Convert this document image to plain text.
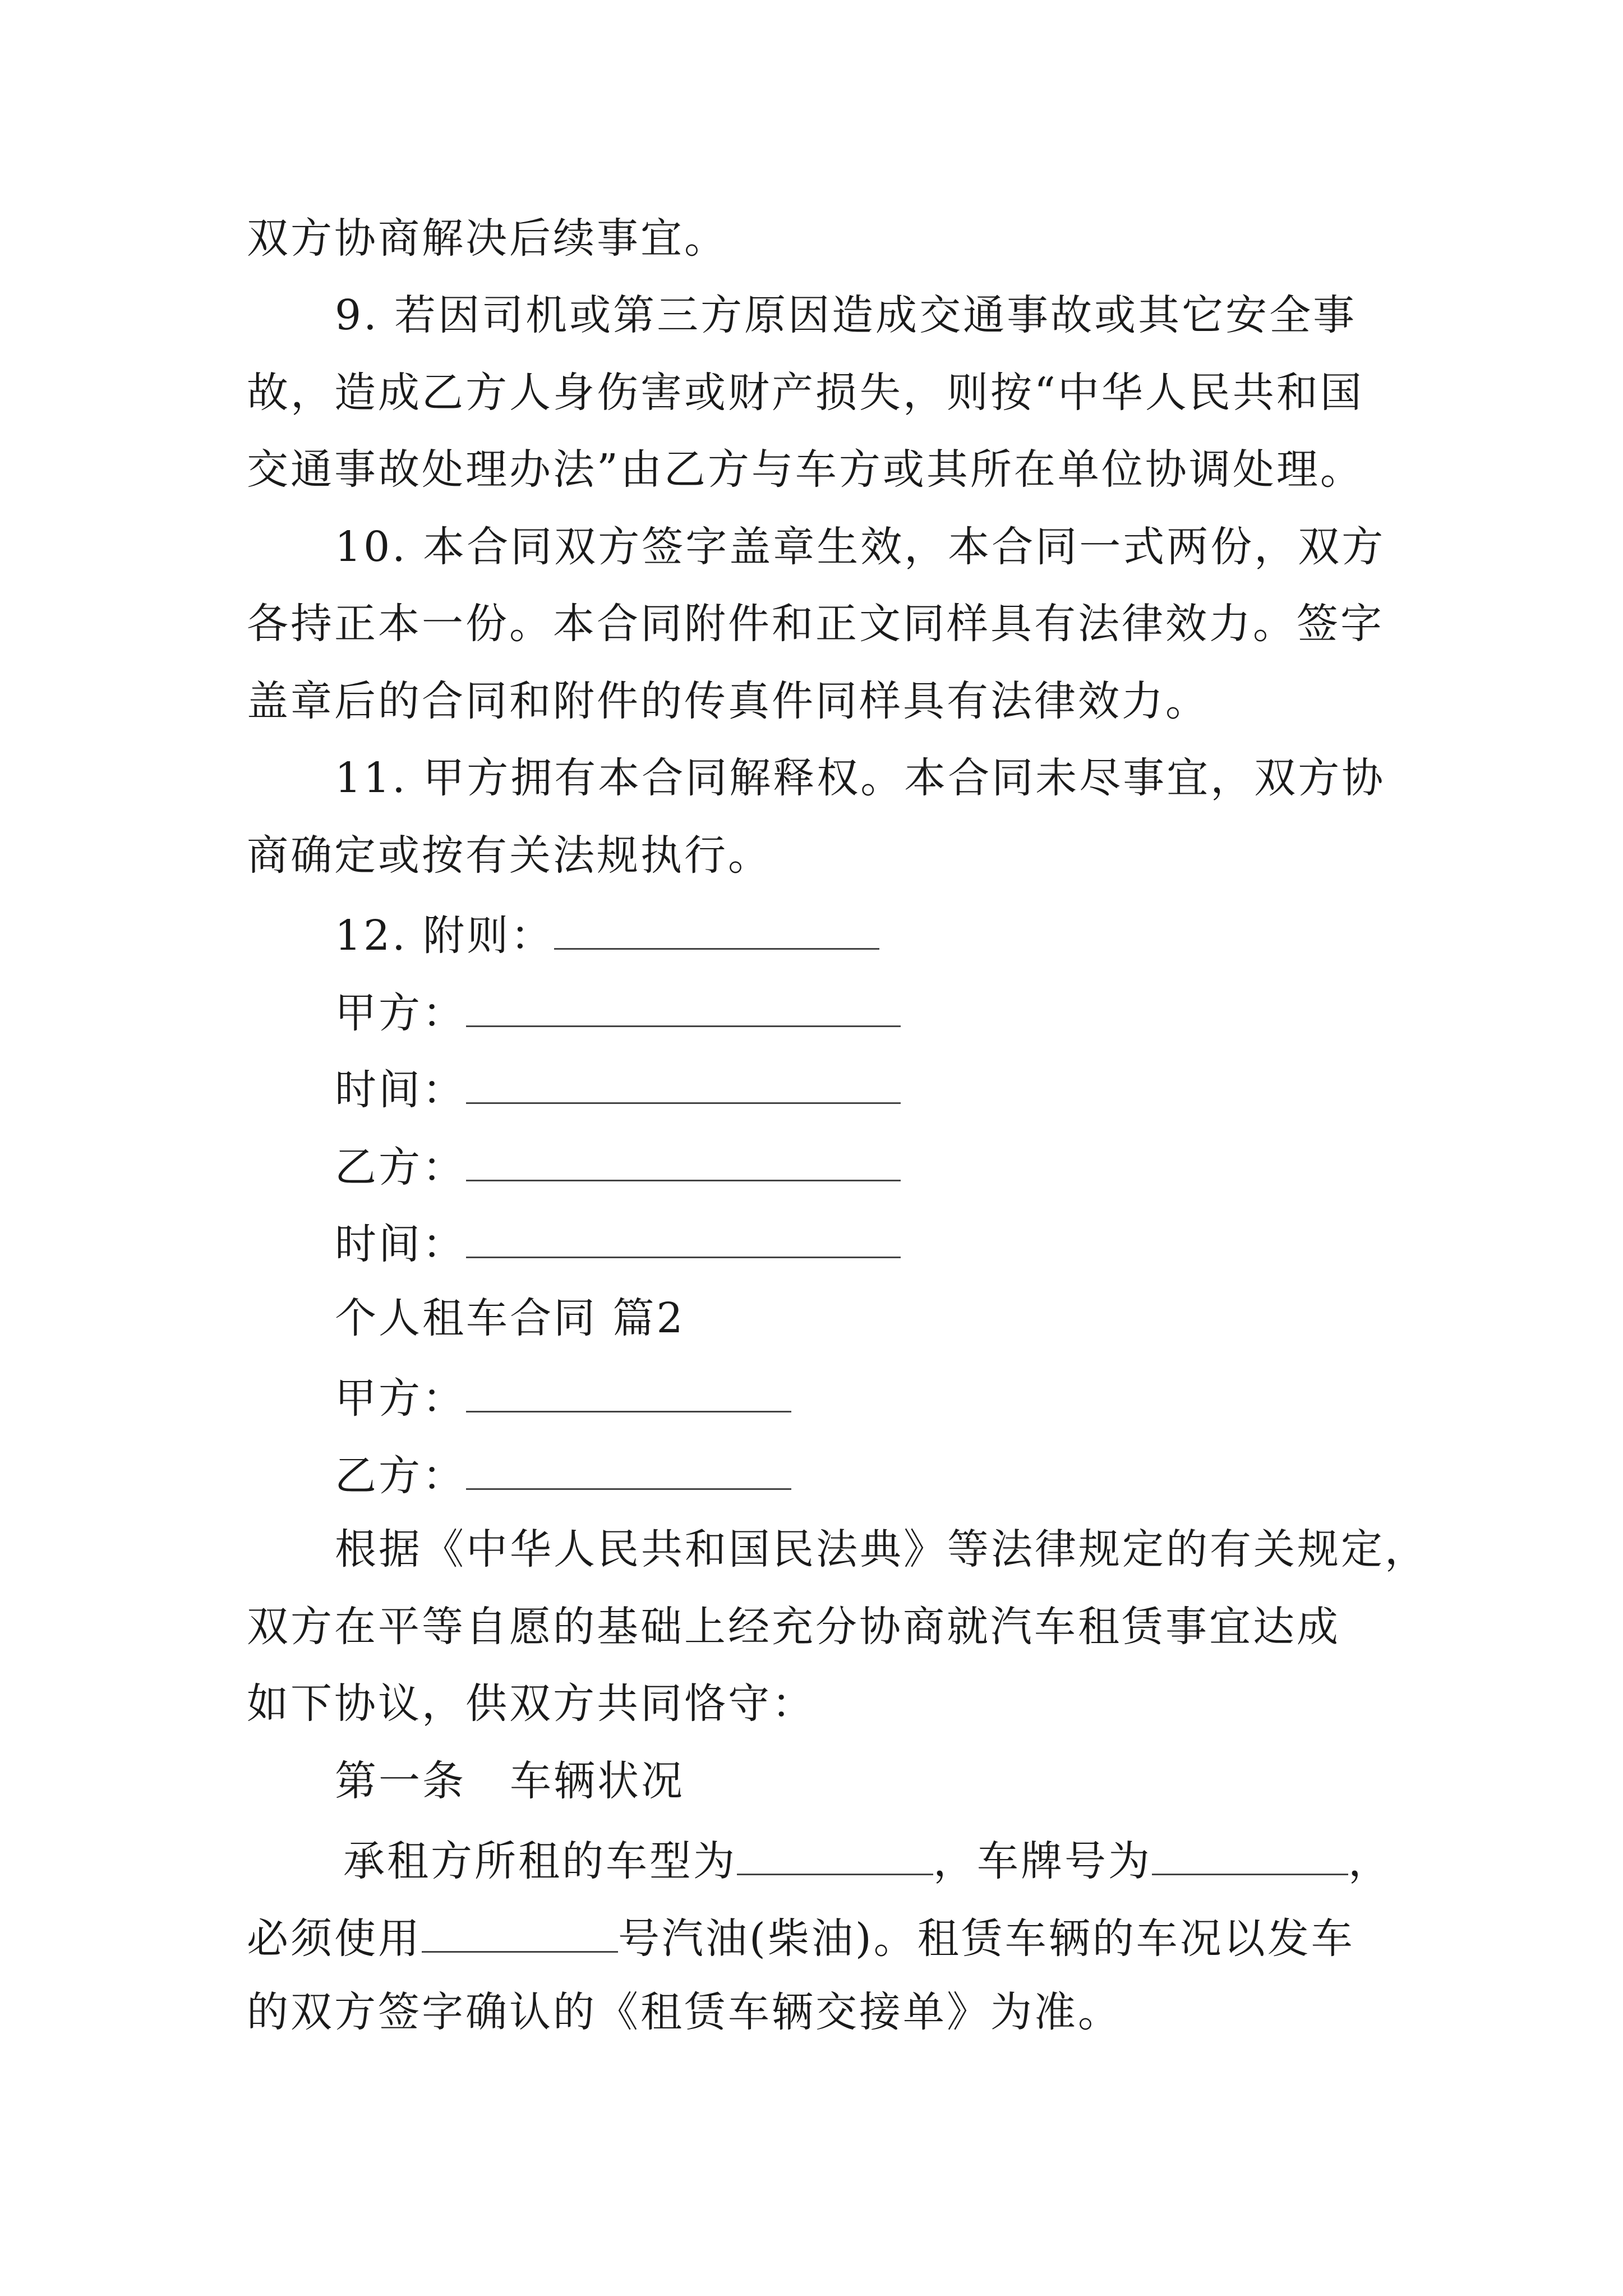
双方协商解决后续事宜。
9. 若因司机或第三方原因造成交通事故或其它安全事
故，造成乙方人身伤害或财产损失，则按“中华人民共和国
交通事故处理办法”由乙方与车方或其所在单位协调处理。
10. 本合同双方签字盖章生效，本合同一式两份，双方
各持正本一份。本合同附件和正文同样具有法律效力。签字
盖章后的合同和附件的传真件同样具有法律效力。
11. 甲方拥有本合同解释权。本合同未尽事宜，双方协
商确定或按有关法规执行。
12. 附则：
甲方：
时间：
乙方：
时间：
个人租车合同 篇2
甲方：
乙方：
根据《中华人民共和国民法典》等法律规定的有关规定，
双方在平等自愿的基础上经充分协商就汽车租赁事宜达成
如下协议，供双方共同恪守：
第一条　车辆状况
承租方所租的车型为	，车牌号为	，
必须使用	号汽油(柴油)。租赁车辆的车况以发车
的双方签字确认的《租赁车辆交接单》为准。
